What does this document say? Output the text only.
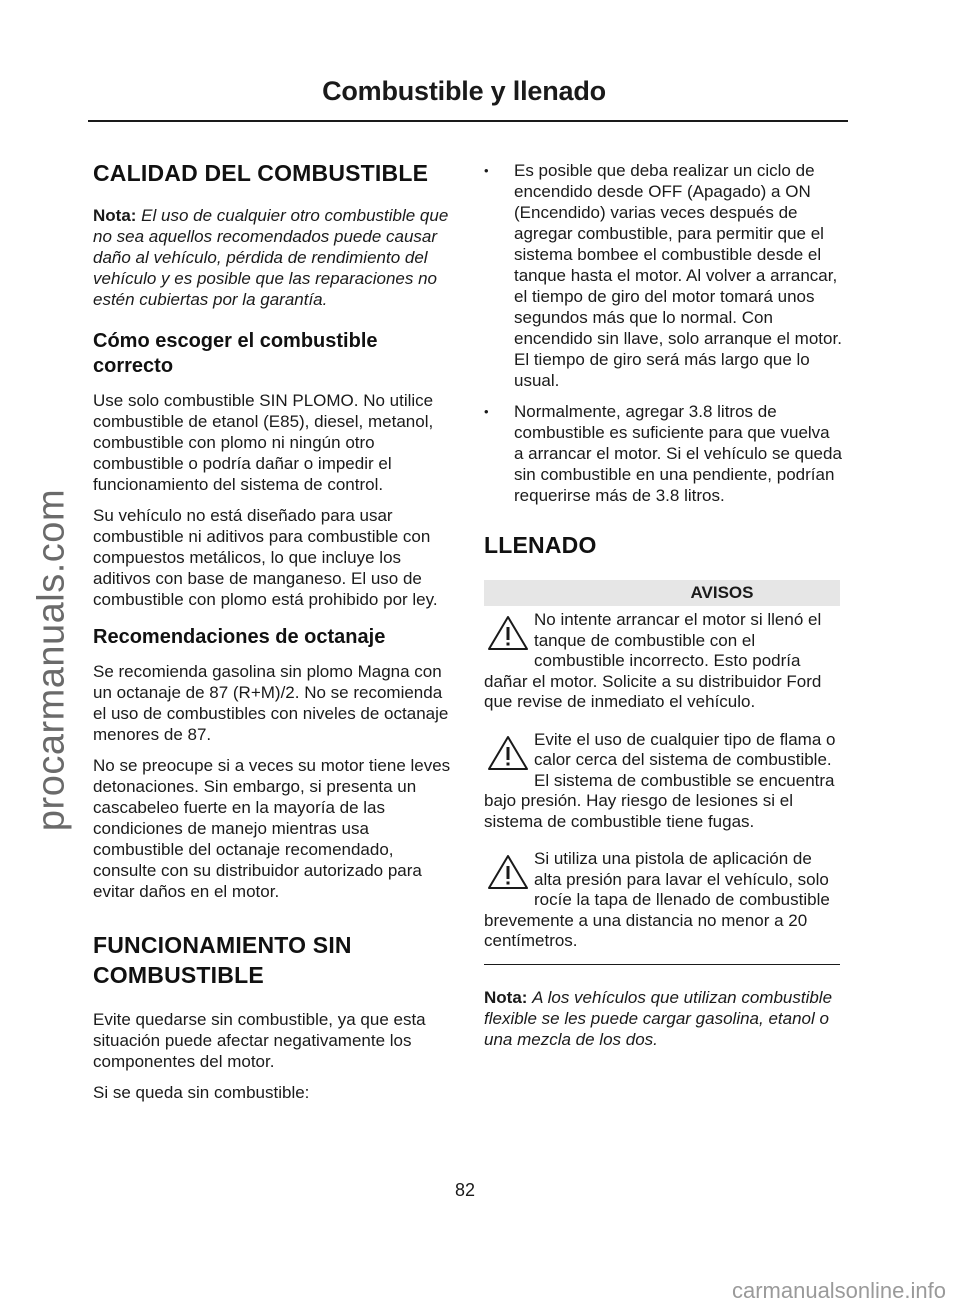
Combustible y llenado
procarmanuals.com
CALIDAD DEL COMBUSTIBLE
Nota: El uso de cualquier otro combustible que no sea aquellos recomendados puede causar daño al vehículo, pérdida de rendimiento del vehículo y es posible que las reparaciones no estén cubiertas por la garantía.
Cómo escoger el combustible correcto
Use solo combustible SIN PLOMO. No utilice combustible de etanol (E85), diesel, metanol, combustible con plomo ni ningún otro combustible o podría dañar o impedir el funcionamiento del sistema de control.
Su vehículo no está diseñado para usar combustible ni aditivos para combustible con compuestos metálicos, lo que incluye los aditivos con base de manganeso. El uso de combustible con plomo está prohibido por ley.
Recomendaciones de octanaje
Se recomienda gasolina sin plomo Magna con un octanaje de 87 (R+M)/2. No se recomienda el uso de combustibles con niveles de octanaje menores de 87.
No se preocupe si a veces su motor tiene leves detonaciones. Sin embargo, si presenta un cascabeleo fuerte en la mayoría de las condiciones de manejo mientras usa combustible del octanaje recomendado, consulte con su distribuidor autorizado para evitar daños en el motor.
FUNCIONAMIENTO SIN
COMBUSTIBLE
Evite quedarse sin combustible, ya que esta situación puede afectar negativamente los componentes del motor.
Si se queda sin combustible:
• Es posible que deba realizar un ciclo de encendido desde OFF (Apagado) a ON (Encendido) varias veces después de agregar combustible, para permitir que el sistema bombee el combustible desde el tanque hasta el motor. Al volver a arrancar, el tiempo de giro del motor tomará unos segundos más que lo normal. Con encendido sin llave, solo arranque el motor. El tiempo de giro será más largo que lo usual.
• Normalmente, agregar 3.8 litros de combustible es suficiente para que vuelva a arrancar el motor. Si el vehículo se queda sin combustible en una pendiente, podrían requerirse más de 3.8 litros.
LLENADO
AVISOS
No intente arrancar el motor si llenó el tanque de combustible con el combustible incorrecto. Esto podría dañar el motor. Solicite a su distribuidor Ford que revise de inmediato el vehículo.
Evite el uso de cualquier tipo de flama o calor cerca del sistema de combustible. El sistema de combustible se encuentra bajo presión. Hay riesgo de lesiones si el sistema de combustible tiene fugas.
Si utiliza una pistola de aplicación de alta presión para lavar el vehículo, solo rocíe la tapa de llenado de combustible brevemente a una distancia no menor a 20 centímetros.
Nota: A los vehículos que utilizan combustible flexible se les puede cargar gasolina, etanol o una mezcla de los dos.
82
carmanualsonline.info
